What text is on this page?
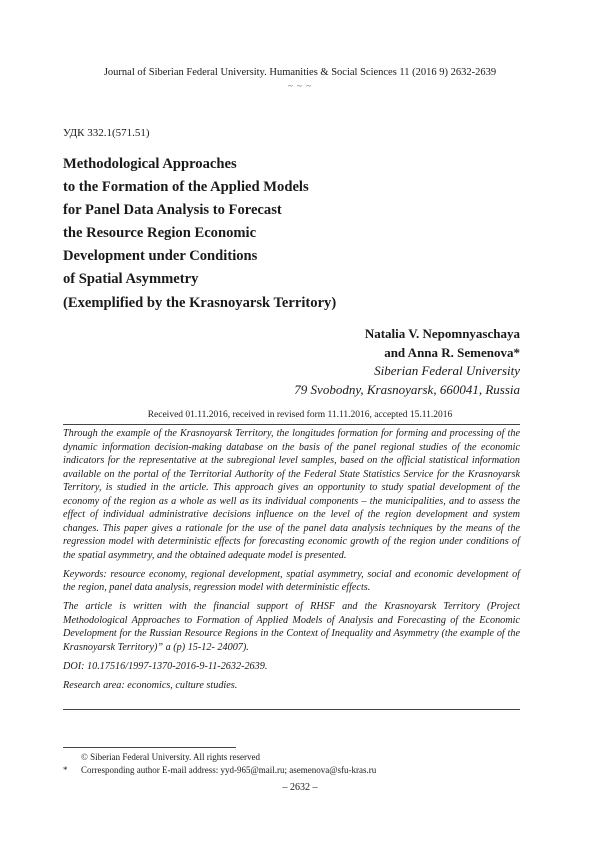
Journal of Siberian Federal University. Humanities & Social Sciences 11 (2016 9) 2632-2639
~ ~ ~
УДК 332.1(571.51)
Methodological Approaches
to the Formation of the Applied Models
for Panel Data Analysis to Forecast
the Resource Region Economic
Development under Conditions
of Spatial Asymmetry
(Exemplified by the Krasnoyarsk Territory)
Natalia V. Nepomnyaschaya
and Anna R. Semenova*
Siberian Federal University
79 Svobodny, Krasnoyarsk, 660041, Russia
Received 01.11.2016, received in revised form 11.11.2016, accepted 15.11.2016

Through the example of the Krasnoyarsk Territory, the longitudes formation for forming and processing of the dynamic information decision-making database on the basis of the panel regional studies of the economic indicators for the representative at the subregional level samples, based on the official statistical information available on the portal of the Territorial Authority of the Federal State Statistics Service for the Krasnoyarsk Territory, is studied in the article. This approach gives an opportunity to study spatial development of the economy of the region as a whole as well as its individual components – the municipalities, and to assess the effect of individual administrative decisions influence on the level of the region development and system changes. This paper gives a rationale for the use of the panel data analysis techniques by the means of the regression model with deterministic effects for forecasting economic growth of the region under conditions of the spatial asymmetry, and the obtained adequate model is presented.

Keywords: resource economy, regional development, spatial asymmetry, social and economic development of the region, panel data analysis, regression model with deterministic effects.

The article is written with the financial support of RHSF and the Krasnoyarsk Territory (Project Methodological Approaches to Formation of Applied Models of Analysis and Forecasting of the Economic Development for the Russian Resource Regions in the Context of Inequality and Asymmetry (the example of the Krasnoyarsk Territory)” a (p) 15-12- 24007).

DOI: 10.17516/1997-1370-2016-9-11-2632-2639.

Research area: economics, culture studies.

© Siberian Federal University. All rights reserved
* Corresponding author E-mail address: yyd-965@mail.ru; asemenova@sfu-kras.ru
– 2632 –
